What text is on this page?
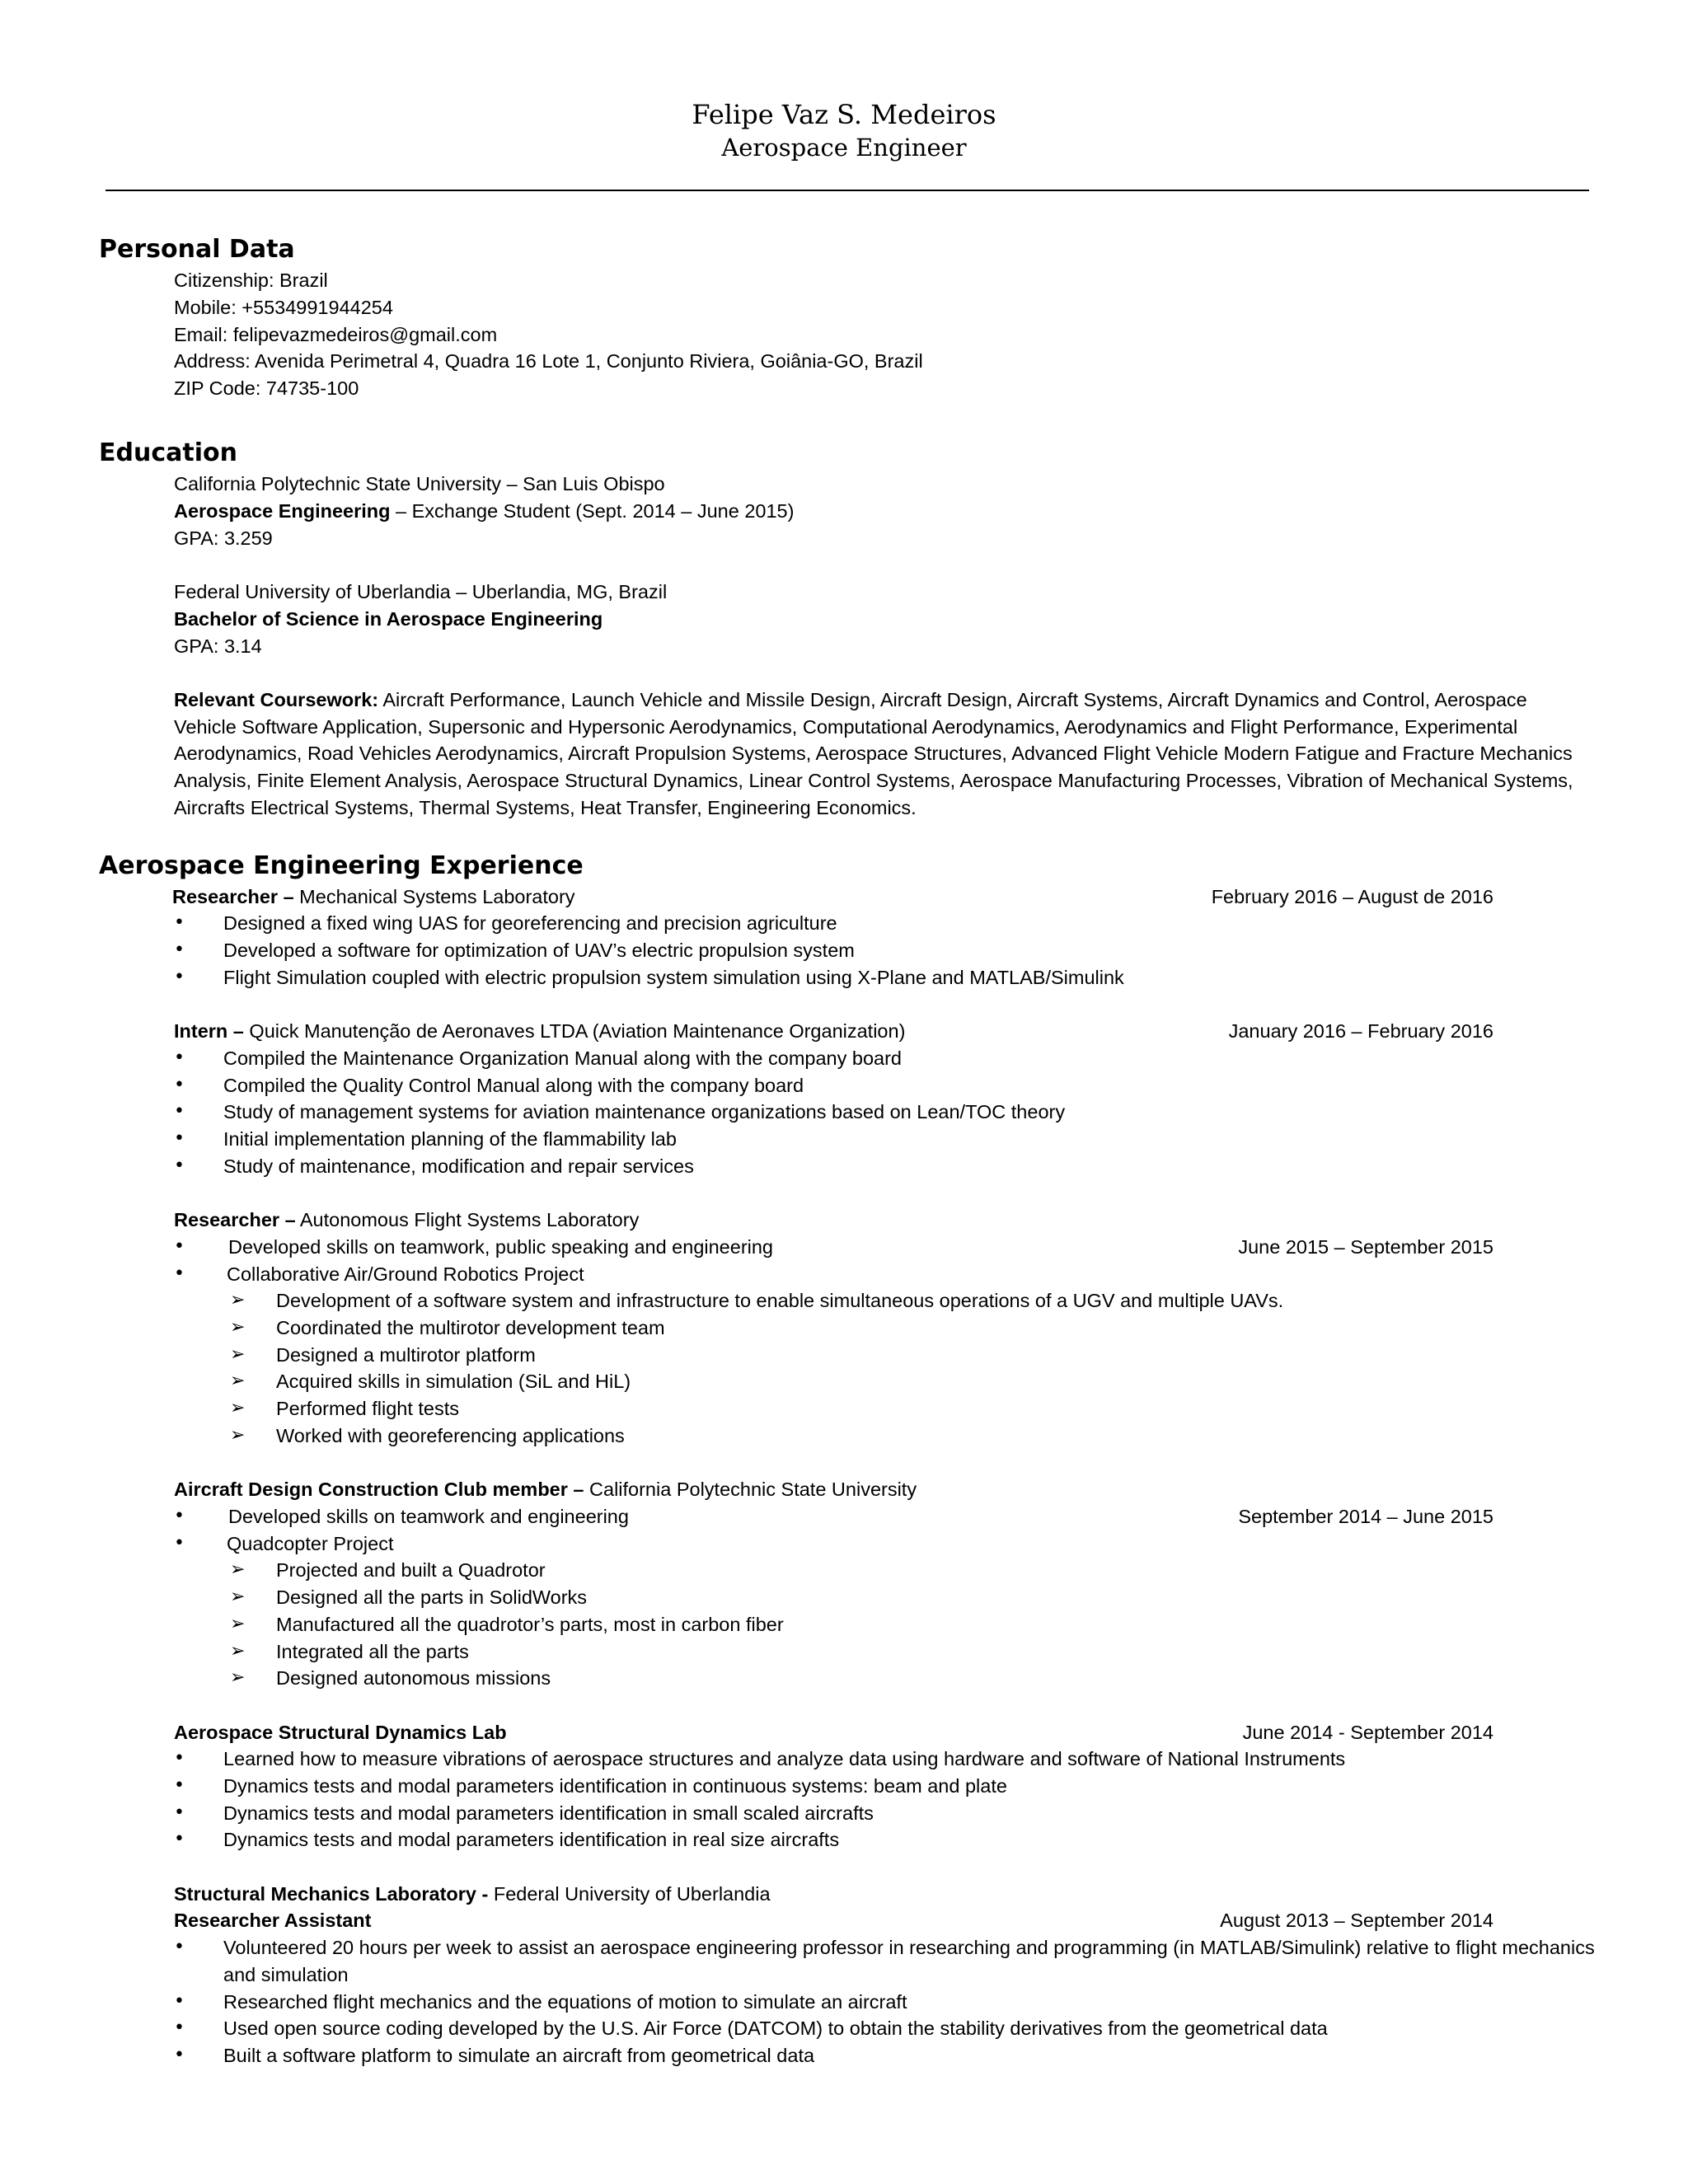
Felipe Vaz S. Medeiros
Aerospace Engineer
Personal Data
Citizenship: Brazil
Mobile: +5534991944254
Email: felipevazmedeiros@gmail.com
Address: Avenida Perimetral 4, Quadra 16 Lote 1, Conjunto Riviera, Goiânia-GO, Brazil
ZIP Code: 74735-100
Education
California Polytechnic State University – San Luis Obispo
Aerospace Engineering – Exchange Student (Sept. 2014 – June 2015)
GPA: 3.259
Federal University of Uberlandia – Uberlandia, MG, Brazil
Bachelor of Science in Aerospace Engineering
GPA: 3.14
Relevant Coursework: Aircraft Performance, Launch Vehicle and Missile Design, Aircraft Design, Aircraft Systems, Aircraft Dynamics and Control, Aerospace Vehicle Software Application, Supersonic and Hypersonic Aerodynamics, Computational Aerodynamics, Aerodynamics and Flight Performance, Experimental Aerodynamics, Road Vehicles Aerodynamics, Aircraft Propulsion Systems, Aerospace Structures, Advanced Flight Vehicle Modern Fatigue and Fracture Mechanics Analysis, Finite Element Analysis, Aerospace Structural Dynamics, Linear Control Systems, Aerospace Manufacturing Processes, Vibration of Mechanical Systems, Aircrafts Electrical Systems, Thermal Systems, Heat Transfer, Engineering Economics.
Aerospace Engineering Experience
Researcher – Mechanical Systems Laboratory	February 2016 – August de 2016
• Designed a fixed wing UAS for georeferencing and precision agriculture
• Developed a software for optimization of UAV’s electric propulsion system
• Flight Simulation coupled with electric propulsion system simulation using X-Plane and MATLAB/Simulink
Intern – Quick Manutenção de Aeronaves LTDA (Aviation Maintenance Organization)	January 2016 – February 2016
• Compiled the Maintenance Organization Manual along with the company board
• Compiled the Quality Control Manual along with the company board
• Study of management systems for aviation maintenance organizations based on Lean/TOC theory
• Initial implementation planning of the flammability lab
• Study of maintenance, modification and repair services
Researcher – Autonomous Flight Systems Laboratory
• Developed skills on teamwork, public speaking and engineering	June 2015 – September 2015
• Collaborative Air/Ground Robotics Project
➢ Development of a software system and infrastructure to enable simultaneous operations of a UGV and multiple UAVs.
➢ Coordinated the multirotor development team
➢ Designed a multirotor platform
➢ Acquired skills in simulation (SiL and HiL)
➢ Performed flight tests
➢ Worked with georeferencing applications
Aircraft Design Construction Club member – California Polytechnic State University
• Developed skills on teamwork and engineering	September 2014 – June 2015
• Quadcopter Project
➢ Projected and built a Quadrotor
➢ Designed all the parts in SolidWorks
➢ Manufactured all the quadrotor’s parts, most in carbon fiber
➢ Integrated all the parts
➢ Designed autonomous missions
Aerospace Structural Dynamics Lab	June 2014 - September 2014
• Learned how to measure vibrations of aerospace structures and analyze data using hardware and software of National Instruments
• Dynamics tests and modal parameters identification in continuous systems: beam and plate
• Dynamics tests and modal parameters identification in small scaled aircrafts
• Dynamics tests and modal parameters identification in real size aircrafts
Structural Mechanics Laboratory - Federal University of Uberlandia
Researcher Assistant	August 2013 – September 2014
• Volunteered 20 hours per week to assist an aerospace engineering professor in researching and programming (in MATLAB/Simulink) relative to flight mechanics and simulation
• Researched flight mechanics and the equations of motion to simulate an aircraft
• Used open source coding developed by the U.S. Air Force (DATCOM) to obtain the stability derivatives from the geometrical data
• Built a software platform to simulate an aircraft from geometrical data
